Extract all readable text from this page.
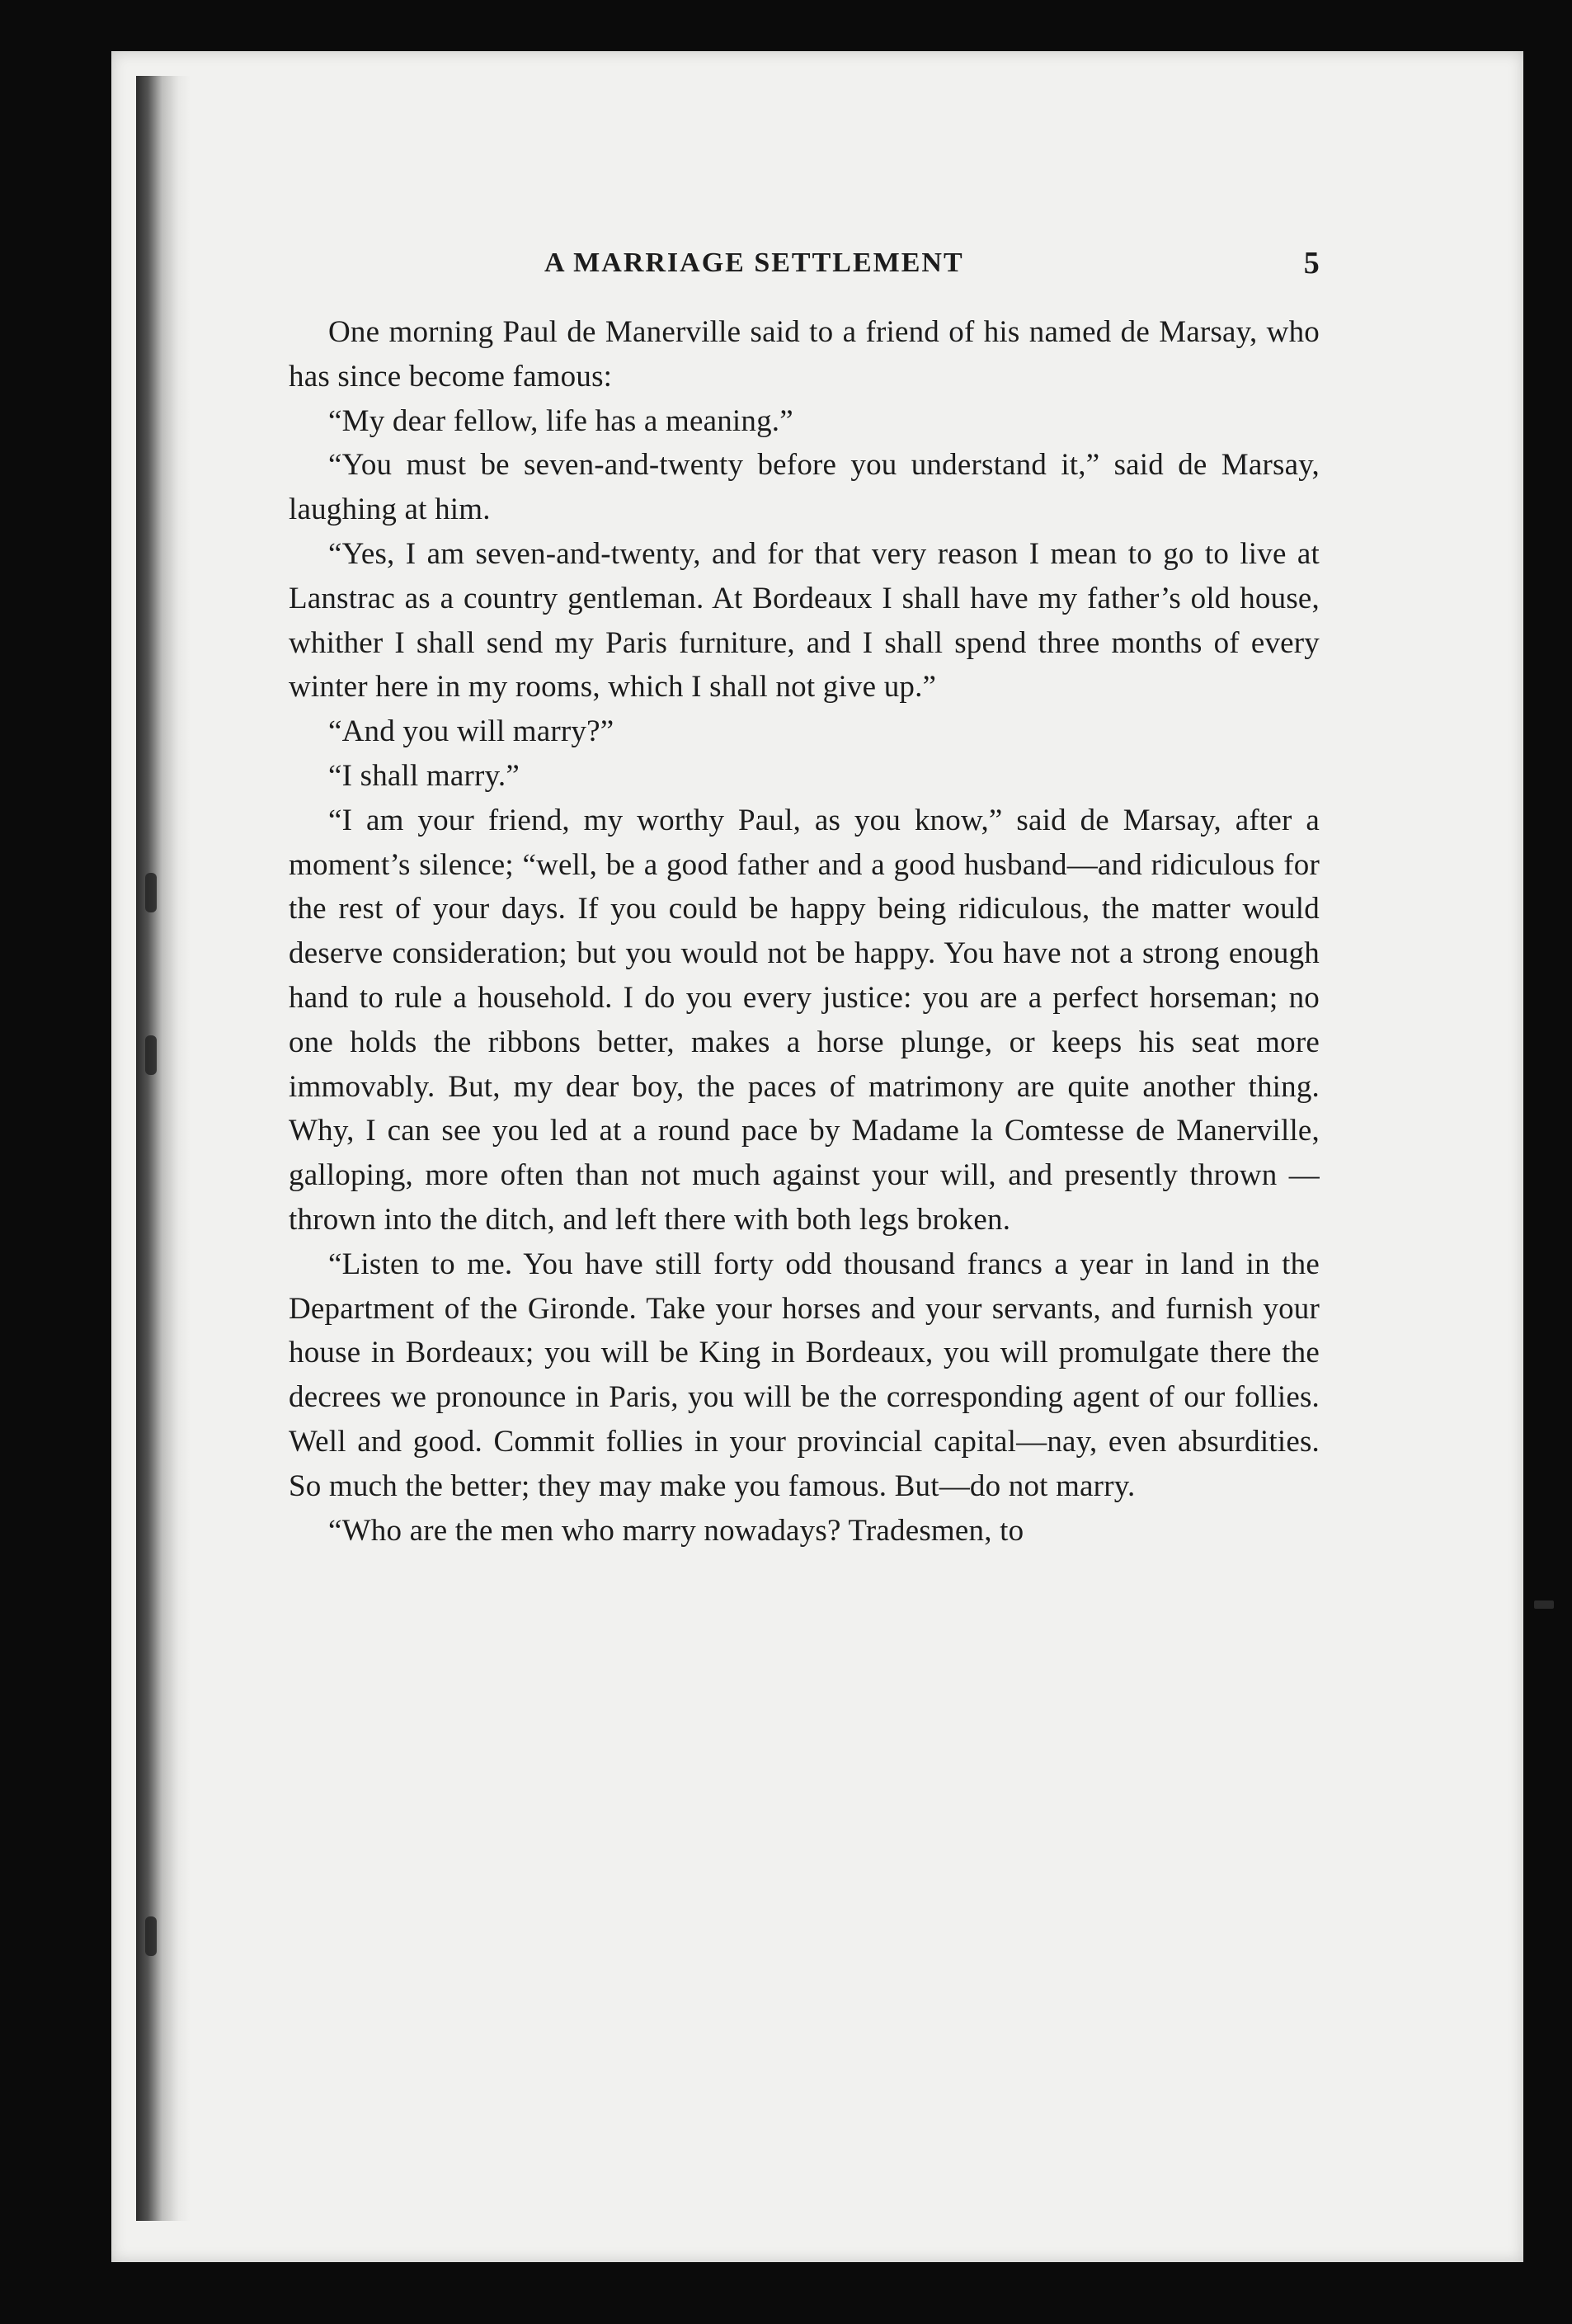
A MARRIAGE SETTLEMENT	5

One morning Paul de Manerville said to a friend of his named de Marsay, who has since become famous:

“My dear fellow, life has a meaning.”

“You must be seven-and-twenty before you understand it,” said de Marsay, laughing at him.

“Yes, I am seven-and-twenty, and for that very reason I mean to go to live at Lanstrac as a country gentleman. At Bordeaux I shall have my father’s old house, whither I shall send my Paris furniture, and I shall spend three months of every winter here in my rooms, which I shall not give up.”

“And you will marry?”

“I shall marry.”

“I am your friend, my worthy Paul, as you know,” said de Marsay, after a moment’s silence; “well, be a good father and a good husband—and ridiculous for the rest of your days. If you could be happy being ridiculous, the matter would deserve consideration; but you would not be happy. You have not a strong enough hand to rule a household. I do you every justice: you are a perfect horseman; no one holds the ribbons better, makes a horse plunge, or keeps his seat more immovably. But, my dear boy, the paces of matrimony are quite another thing. Why, I can see you led at a round pace by Madame la Comtesse de Manerville, galloping, more often than not much against your will, and presently thrown —thrown into the ditch, and left there with both legs broken.

“Listen to me. You have still forty odd thousand francs a year in land in the Department of the Gironde. Take your horses and your servants, and furnish your house in Bordeaux; you will be King in Bordeaux, you will promulgate there the decrees we pronounce in Paris, you will be the corresponding agent of our follies. Well and good. Commit follies in your provincial capital—nay, even absurdities. So much the better; they may make you famous. But—do not marry.

“Who are the men who marry nowadays? Tradesmen, to
